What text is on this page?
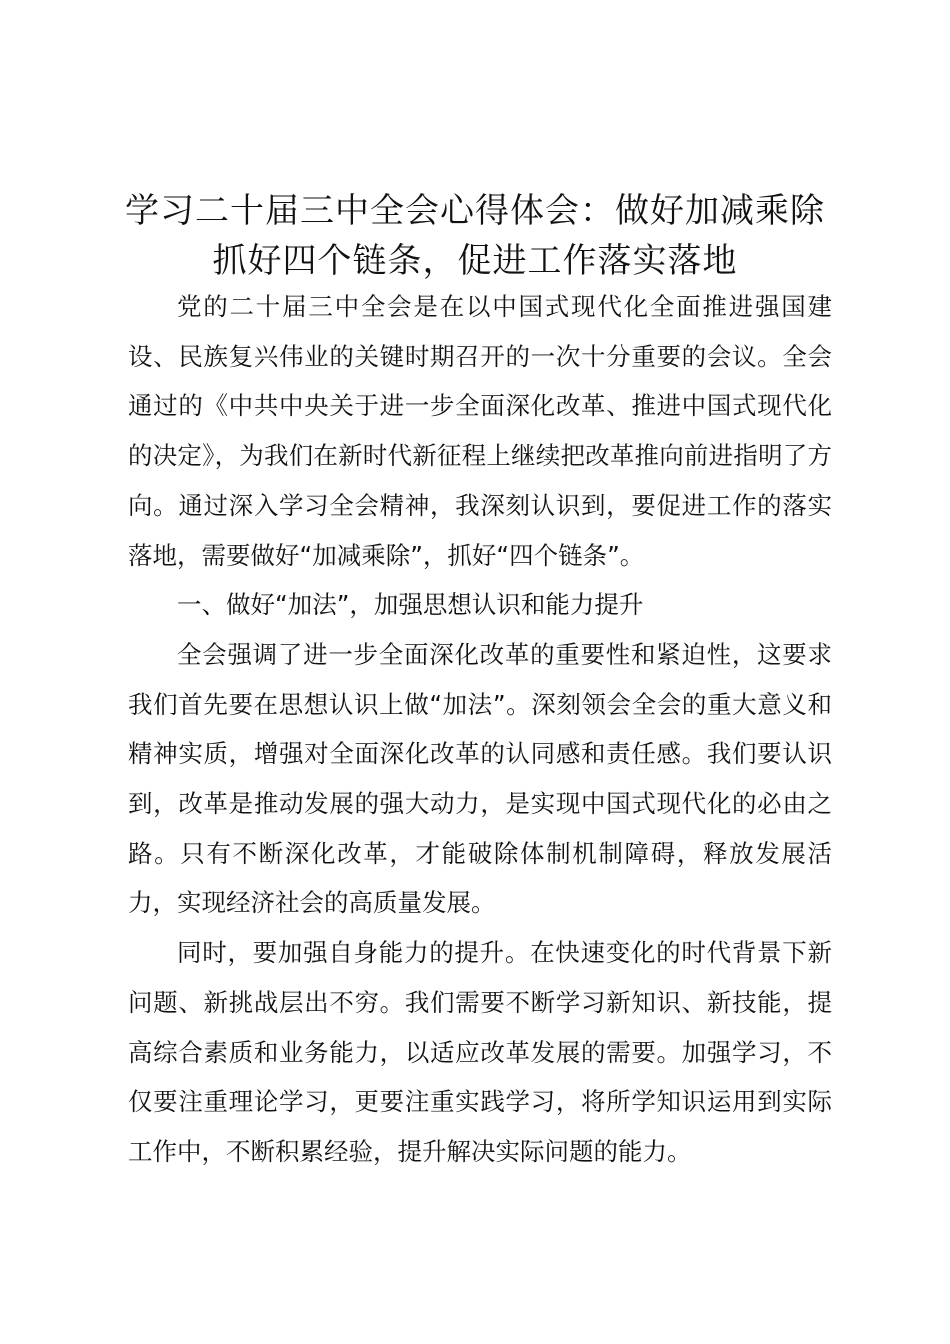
学习二十届三中全会心得体会：做好加减乘除
抓好四个链条，促进工作落实落地

党的二十届三中全会是在以中国式现代化全面推进强国建设、民族复兴伟业的关键时期召开的一次十分重要的会议。全会通过的《中共中央关于进一步全面深化改革、推进中国式现代化的决定》，为我们在新时代新征程上继续把改革推向前进指明了方向。通过深入学习全会精神，我深刻认识到，要促进工作的落实落地，需要做好“加减乘除”，抓好“四个链条”。

一、做好“加法”，加强思想认识和能力提升

全会强调了进一步全面深化改革的重要性和紧迫性，这要求我们首先要在思想认识上做“加法”。深刻领会全会的重大意义和精神实质，增强对全面深化改革的认同感和责任感。我们要认识到，改革是推动发展的强大动力，是实现中国式现代化的必由之路。只有不断深化改革，才能破除体制机制障碍，释放发展活力，实现经济社会的高质量发展。

同时，要加强自身能力的提升。在快速变化的时代背景下新问题、新挑战层出不穷。我们需要不断学习新知识、新技能，提高综合素质和业务能力，以适应改革发展的需要。加强学习，不仅要注重理论学习，更要注重实践学习，将所学知识运用到实际工作中，不断积累经验，提升解决实际问题的能力。
